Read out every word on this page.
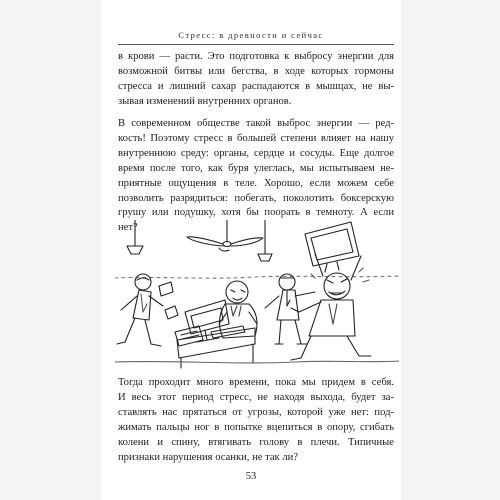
Стресс: в древности и сейчас

в крови — расти. Это подготовка к выбросу энергии для
возможной битвы или бегства, в ходе которых гормоны
стресса и лишний сахар распадаются в мышцах, не вы-
зывая изменений внутренних органов.

В современном обществе такой выброс энергии — ред-
кость! Поэтому стресс в большей степени влияет на нашу
внутреннюю среду: органы, сердце и сосуды. Еще долгое
время после того, как буря улеглась, мы испытываем не-
приятные ощущения в теле. Хорошо, если можем себе
позволить разрядиться: побегать, поколотить боксерскую
грушу или подушку, хотя бы поорать в темноту. А если
нет?

Тогда проходит много времени, пока мы придем в себя.
И весь этот период стресс, не находя выхода, будет за-
ставлять нас прятаться от угрозы, которой уже нет: под-
жимать пальцы ног в попытке вцепиться в опору, сгибать
колени и спину, втягивать голову в плечи. Типичные
признаки нарушения осанки, не так ли?

53
